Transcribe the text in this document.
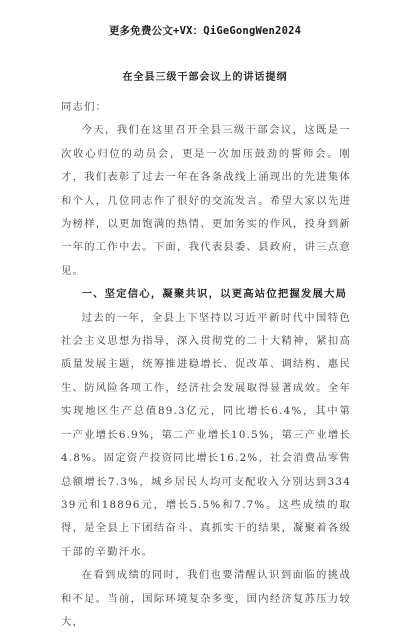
更多免费公文+VX：QiGeGongWen2024
在全县三级干部会议上的讲话提纲

同志们：

今天，我们在这里召开全县三级干部会议，这既是一次收心归位的动员会，更是一次加压鼓劲的誓师会。刚才，我们表彰了过去一年在各条战线上涌现出的先进集体和个人，几位同志作了很好的交流发言。希望大家以先进为榜样，以更加饱满的热情、更加务实的作风，投身到新一年的工作中去。下面，我代表县委、县政府，讲三点意见。

一、坚定信心，凝聚共识，以更高站位把握发展大局

过去的一年，全县上下坚持以习近平新时代中国特色社会主义思想为指导，深入贯彻党的二十大精神，紧扣高质量发展主题，统筹推进稳增长、促改革、调结构、惠民生、防风险各项工作，经济社会发展取得显著成效。全年实现地区生产总值89.3亿元，同比增长6.4%，其中第一产业增长6.9%，第二产业增长10.5%，第三产业增长4.8%。固定资产投资同比增长16.2%，社会消费品零售总额增长7.3%，城乡居民人均可支配收入分别达到33439元和18896元，增长5.5%和7.7%。这些成绩的取得，是全县上下团结奋斗、真抓实干的结果，凝聚着各级干部的辛勤汗水。

在看到成绩的同时，我们也要清醒认识到面临的挑战和不足。当前，国际环境复杂多变，国内经济复苏压力较大，
